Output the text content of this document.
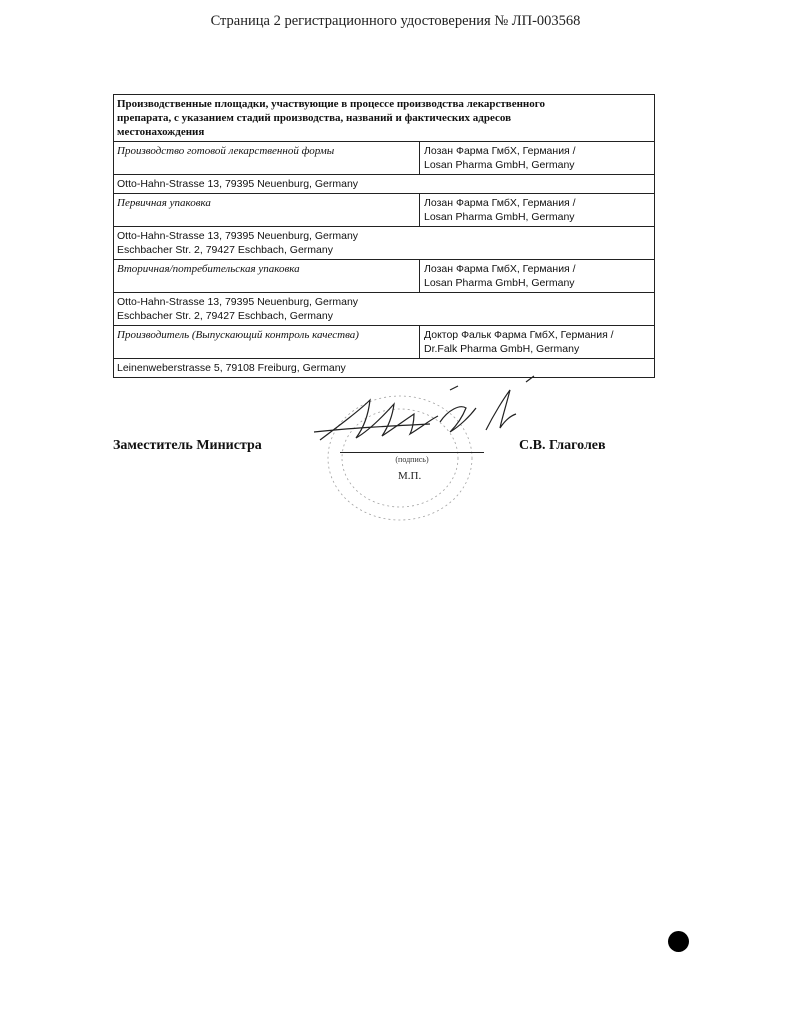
Страница 2 регистрационного удостоверения № ЛП-003568
Производственные площадки, участвующие в процессе производства лекарственного
препарата, с указанием стадий производства, названий и фактических адресов
местонахождения	

Производство готовой лекарственной формы	Лозан Фарма ГмбХ, Германия /
Losan Pharma GmbH, Germany

Otto-Hahn-Strasse 13, 79395 Neuenburg, Germany	

Первичная упаковка	Лозан Фарма ГмбХ, Германия /
Losan Pharma GmbH, Germany

Otto-Hahn-Strasse 13, 79395 Neuenburg, Germany
Eschbacher Str. 2, 79427 Eschbach, Germany	

Вторичная/потребительская упаковка	Лозан Фарма ГмбХ, Германия /
Losan Pharma GmbH, Germany

Otto-Hahn-Strasse 13, 79395 Neuenburg, Germany
Eschbacher Str. 2, 79427 Eschbach, Germany	

Производитель (Выпускающий контроль качества)	Доктор Фальк Фарма ГмбХ, Германия /
Dr.Falk Pharma GmbH, Germany

Leinenweberstrasse 5, 79108 Freiburg, Germany	
Заместитель Министра
(подпись)
М.П.
С.В. Глаголев
